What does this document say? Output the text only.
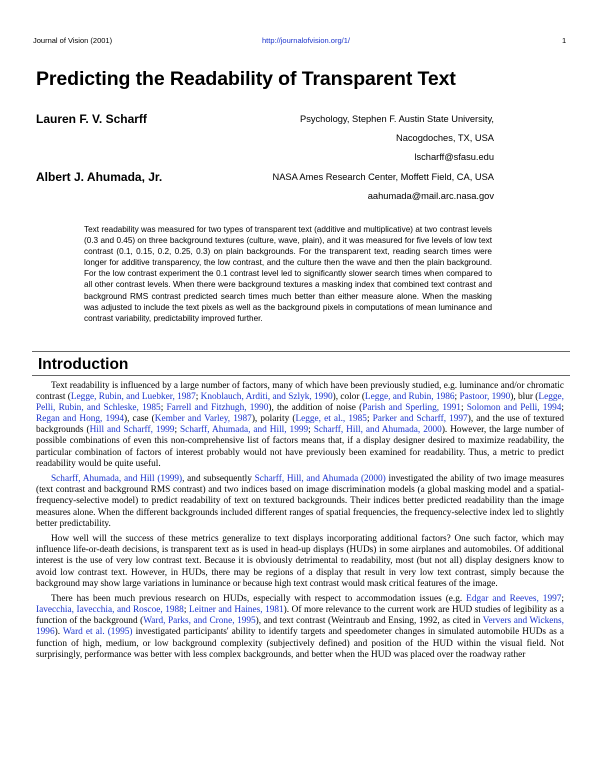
Journal of Vision (2001)	http://journalofvision.org/1/	1
Predicting the Readability of Transparent Text
Lauren F. V. Scharff	Psychology, Stephen F. Austin State University,
Nacogdoches, TX, USA
lscharff@sfasu.edu
Albert J. Ahumada, Jr.	NASA Ames Research Center, Moffett Field, CA, USA
aahumada@mail.arc.nasa.gov
Text readability was measured for two types of transparent text (additive and multiplicative) at two contrast levels (0.3 and 0.45) on three background textures (culture, wave, plain), and it was measured for five levels of low text contrast (0.1, 0.15, 0.2, 0.25, 0.3) on plain backgrounds. For the transparent text, reading search times were longer for additive transparency, the low contrast, and the culture then the wave and then the plain background. For the low contrast experiment the 0.1 contrast level led to significantly slower search times when compared to all other contrast levels. When there were background textures a masking index that combined text contrast and background RMS contrast predicted search times much better than either measure alone. When the masking was adjusted to include the text pixels as well as the background pixels in computations of mean luminance and contrast variability, predictability improved further.
Introduction

Text readability is influenced by a large number of factors, many of which have been previously studied, e.g. luminance and/or chromatic contrast (Legge, Rubin, and Luebker, 1987; Knoblauch, Arditi, and Szlyk, 1990), color (Legge, and Rubin, 1986; Pastoor, 1990), blur (Legge, Pelli, Rubin, and Schleske, 1985; Farrell and Fitzhugh, 1990), the addition of noise (Parish and Sperling, 1991; Solomon and Pelli, 1994; Regan and Hong, 1994), case (Kember and Varley, 1987), polarity (Legge, et al., 1985; Parker and Scharff, 1997), and the use of textured backgrounds (Hill and Scharff, 1999; Scharff, Ahumada, and Hill, 1999; Scharff, Hill, and Ahumada, 2000). However, the large number of possible combinations of even this non-comprehensive list of factors means that, if a display designer desired to maximize readability, the particular combination of factors of interest probably would not have previously been examined for readability. Thus, a metric to predict readability would be quite useful.

Scharff, Ahumada, and Hill (1999), and subsequently Scharff, Hill, and Ahumada (2000) investigated the ability of two image measures (text contrast and background RMS contrast) and two indices based on image discrimination models (a global masking model and a spatial-frequency-selective model) to predict readability of text on textured backgrounds. Their indices better predicted readability than the image measures alone. When the different backgrounds included different ranges of spatial frequencies, the frequency-selective index led to slightly better predictability.

How well will the success of these metrics generalize to text displays incorporating additional factors? One such factor, which may influence life-or-death decisions, is transparent text as is used in head-up displays (HUDs) in some airplanes and automobiles. Of additional interest is the use of very low contrast text. Because it is obviously detrimental to readability, most (but not all) display designers know to avoid low contrast text. However, in HUDs, there may be regions of a display that result in very low text contrast, simply because the background may show large variations in luminance or because high text contrast would mask critical features of the image.

There has been much previous research on HUDs, especially with respect to accommodation issues (e.g. Edgar and Reeves, 1997; Iavecchia, Iavecchia, and Roscoe, 1988; Leitner and Haines, 1981). Of more relevance to the current work are HUD studies of legibility as a function of the background (Ward, Parks, and Crone, 1995), and text contrast (Weintraub and Ensing, 1992, as cited in Ververs and Wickens, 1996). Ward et al. (1995) investigated participants' ability to identify targets and speedometer changes in simulated automobile HUDs as a function of high, medium, or low background complexity (subjectively defined) and position of the HUD within the visual field. Not surprisingly, performance was better with less complex backgrounds, and better when the HUD was placed over the roadway rather
